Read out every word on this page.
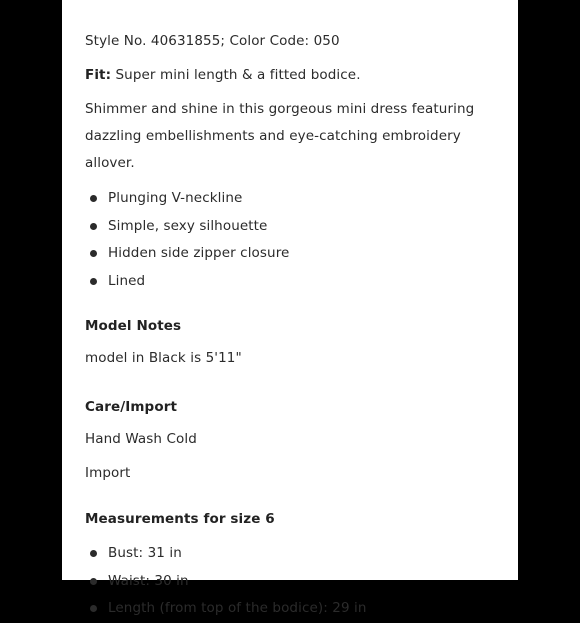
Style No. 40631855; Color Code: 050

Fit: Super mini length & a fitted bodice.

Shimmer and shine in this gorgeous mini dress featuring

dazzling embellishments and eye-catching embroidery allover.

Plunging V-neckline
Simple, sexy silhouette
Hidden side zipper closure
Lined

Model Notes

model in Black is 5'11"

Care/Import

Hand Wash Cold

Import

Measurements for size 6

Bust: 31 in
Waist: 30 in
Length (from top of the bodice): 29 in
